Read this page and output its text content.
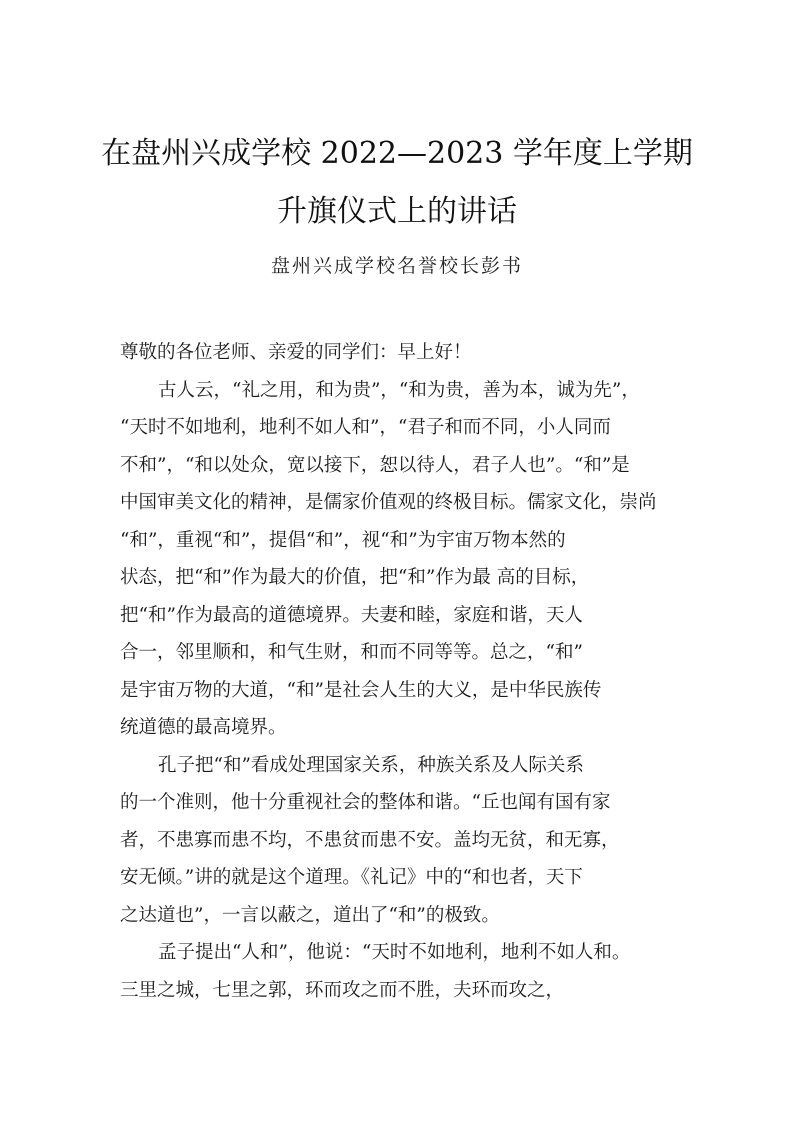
在盘州兴成学校 2022—2023 学年度上学期
升旗仪式上的讲话
盘州兴成学校名誉校长彭书
尊敬的各位老师、亲爱的同学们：早上好！
古人云，“礼之用，和为贵”，“和为贵，善为本，诚为先”，
“天时不如地利，地利不如人和”，“君子和而不同，小人同而
不和”，“和以处众，宽以接下，恕以待人，君子人也”。“和”是
中国审美文化的精神，是儒家价值观的终极目标。儒家文化，崇尚
“和”，重视“和”，提倡“和”，视“和”为宇宙万物本然的
状态，把“和”作为最大的价值，把“和”作为最 高的目标，
把“和”作为最高的道德境界。夫妻和睦，家庭和谐，天人
合一，邻里顺和，和气生财，和而不同等等。总之，“和”
是宇宙万物的大道，“和”是社会人生的大义，是中华民族传
统道德的最高境界。
孔子把“和”看成处理国家关系，种族关系及人际关系
的一个准则，他十分重视社会的整体和谐。“丘也闻有国有家
者，不患寡而患不均，不患贫而患不安。盖均无贫，和无寡，
安无倾。”讲的就是这个道理。《礼记》中的“和也者，天下
之达道也”，一言以蔽之，道出了“和”的极致。
孟子提出“人和”，他说：“天时不如地利，地利不如人和。
三里之城，七里之郭，环而攻之而不胜，夫环而攻之，
